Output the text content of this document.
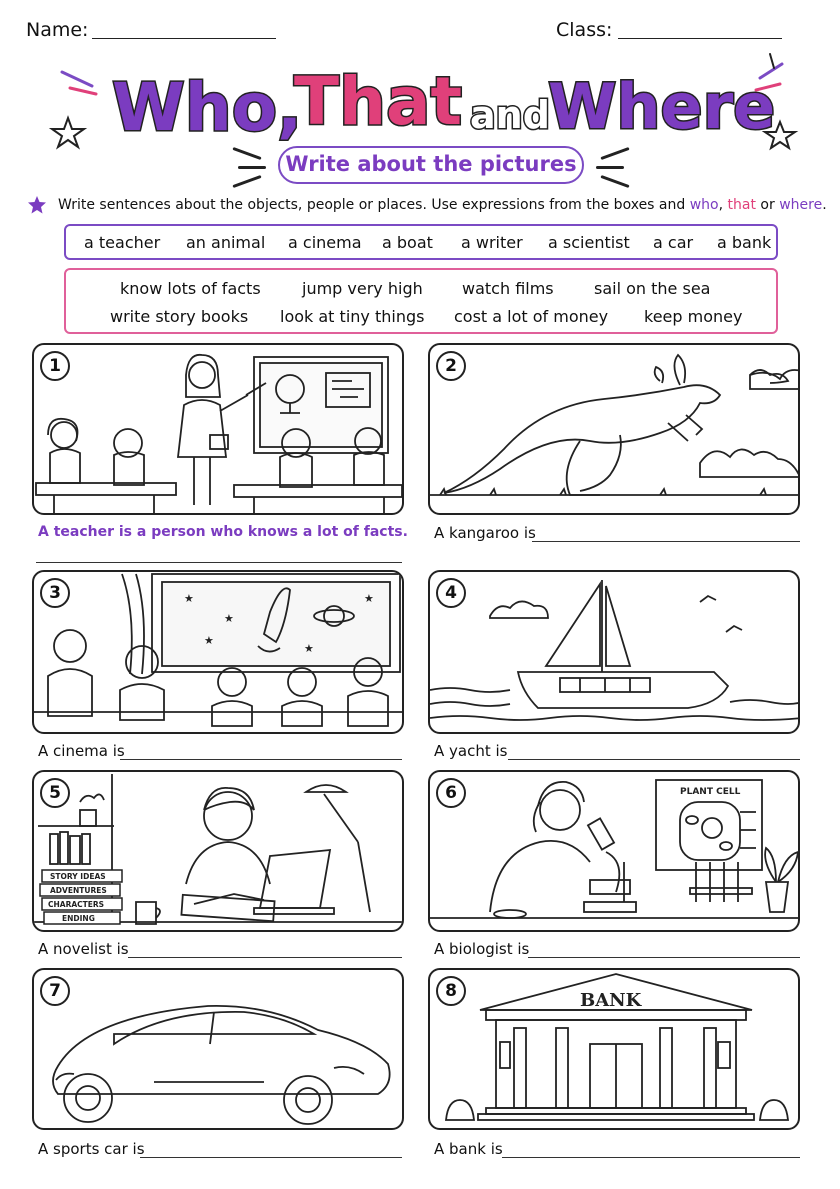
Name:	Class:
Who,
That and
Where
Write about the pictures
Write sentences about the objects, people or places. Use expressions from the boxes and who, that or where.
a teacher an animal a cinema a boat a writer a scientist a car a bank
know lots of facts	jump very high watch films	sail on the sea
write story books look at tiny things cost a lot of money keep money
1
A teacher is a person who knows a lot of facts.
2
A kangaroo is
★
★
★
★
★
3
A cinema is
4
A yacht is
STORY IDEAS
ADVENTURES
CHARACTERS
ENDING
5
A novelist is
PLANT CELL
6
A biologist is
7
A sports car is
BANK
8
A bank is
